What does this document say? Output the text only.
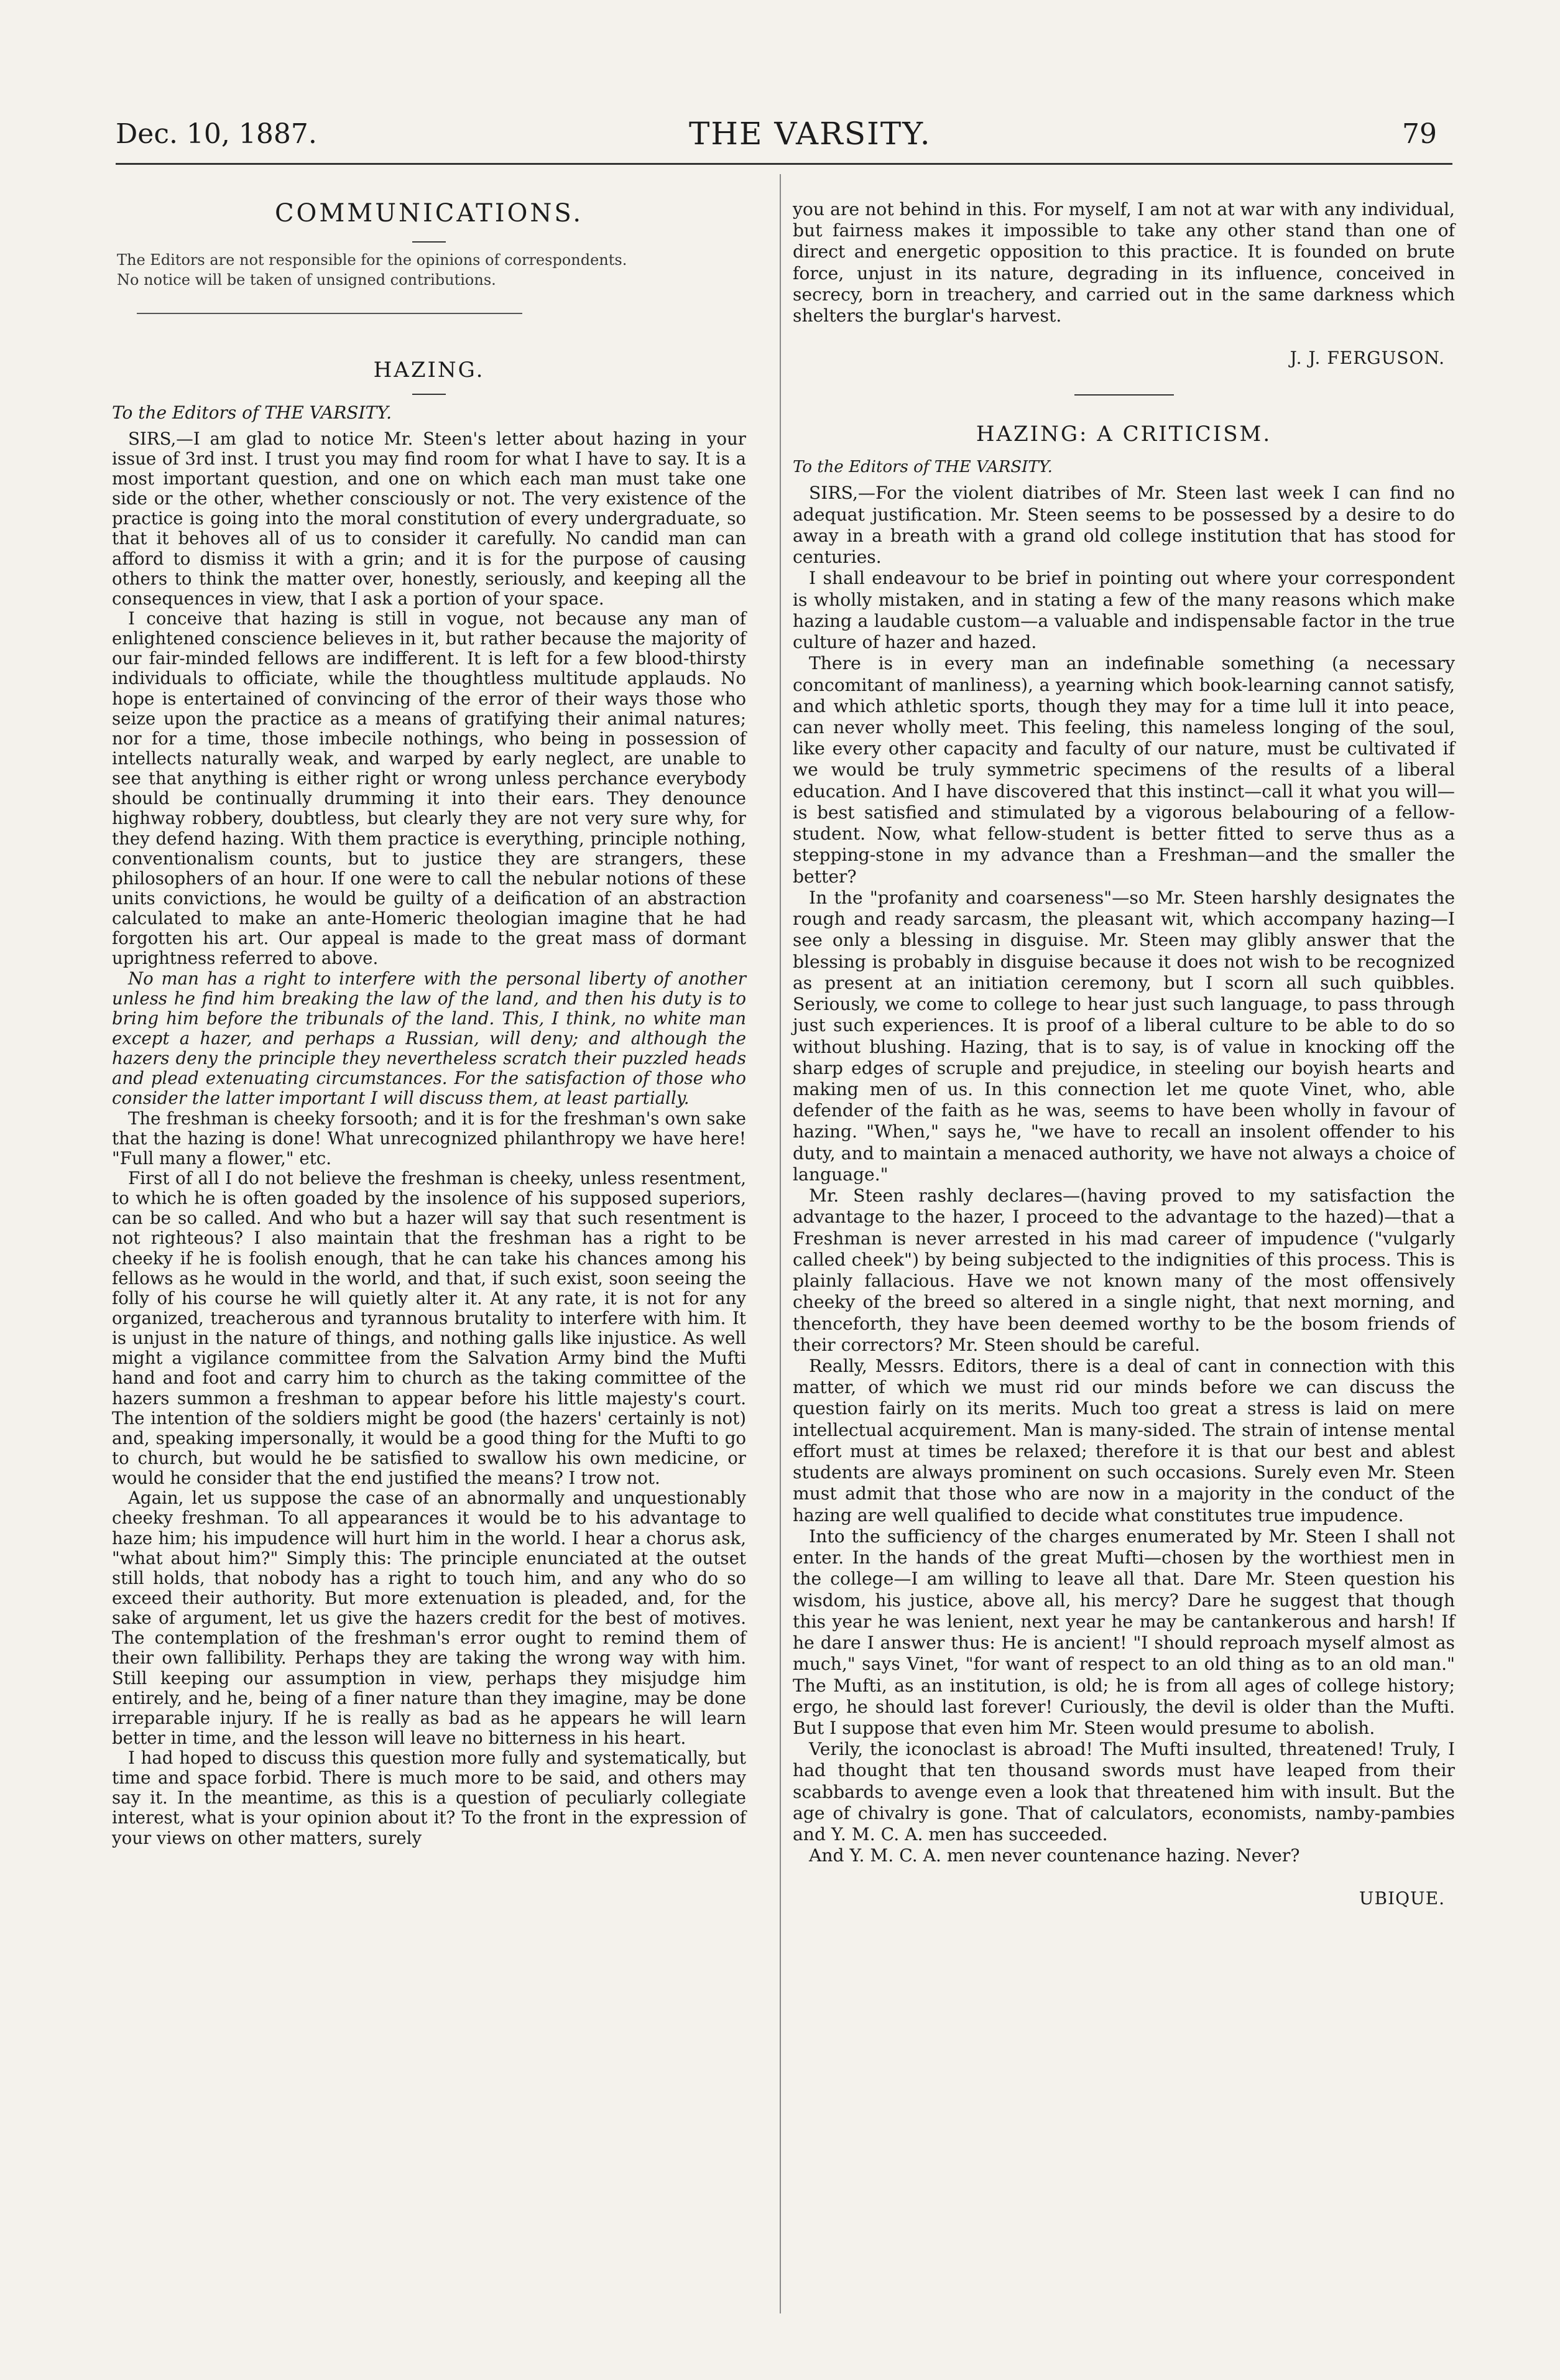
Dec. 10, 1887.	THE VARSITY.	79
COMMUNICATIONS.
The Editors are not responsible for the opinions of correspondents.
No notice will be taken of unsigned contributions.
HAZING.
To the Editors of THE VARSITY.

SIRS,—I am glad to notice Mr. Steen's letter about hazing in your issue of 3rd inst. I trust you may find room for what I have to say. It is a most important question, and one on which each man must take one side or the other, whether consciously or not. The very existence of the practice is going into the moral constitution of every undergraduate, so that it behoves all of us to consider it carefully. No candid man can afford to dismiss it with a grin; and it is for the purpose of causing others to think the matter over, honestly, seriously, and keeping all the consequences in view, that I ask a portion of your space.

I conceive that hazing is still in vogue, not because any man of enlightened conscience believes in it, but rather because the majority of our fair-minded fellows are indifferent. It is left for a few blood-thirsty individuals to officiate, while the thoughtless multitude applauds. No hope is entertained of convincing of the error of their ways those who seize upon the practice as a means of gratifying their animal natures; nor for a time, those imbecile nothings, who being in possession of intellects naturally weak, and warped by early neglect, are unable to see that anything is either right or wrong unless perchance everybody should be continually drumming it into their ears. They denounce highway robbery, doubtless, but clearly they are not very sure why, for they defend hazing. With them practice is everything, principle nothing, conventionalism counts, but to justice they are strangers, these philosophers of an hour. If one were to call the nebular notions of these units convictions, he would be guilty of a deification of an abstraction calculated to make an ante-Homeric theologian imagine that he had forgotten his art. Our appeal is made to the great mass of dormant uprightness referred to above.

No man has a right to interfere with the personal liberty of another unless he find him breaking the law of the land, and then his duty is to bring him before the tribunals of the land. This, I think, no white man except a hazer, and perhaps a Russian, will deny; and although the hazers deny the principle they nevertheless scratch their puzzled heads and plead extenuating circumstances. For the satisfaction of those who consider the latter important I will discuss them, at least partially.

The freshman is cheeky forsooth; and it is for the freshman's own sake that the hazing is done! What unrecognized philanthropy we have here! "Full many a flower," etc.

First of all I do not believe the freshman is cheeky, unless resentment, to which he is often goaded by the insolence of his supposed superiors, can be so called. And who but a hazer will say that such resentment is not righteous? I also maintain that the freshman has a right to be cheeky if he is foolish enough, that he can take his chances among his fellows as he would in the world, and that, if such exist, soon seeing the folly of his course he will quietly alter it. At any rate, it is not for any organized, treacherous and tyrannous brutality to interfere with him. It is unjust in the nature of things, and nothing galls like injustice. As well might a vigilance committee from the Salvation Army bind the Mufti hand and foot and carry him to church as the taking committee of the hazers summon a freshman to appear before his little majesty's court. The intention of the soldiers might be good (the hazers' certainly is not) and, speaking impersonally, it would be a good thing for the Mufti to go to church, but would he be satisfied to swallow his own medicine, or would he consider that the end justified the means? I trow not.

Again, let us suppose the case of an abnormally and unquestionably cheeky freshman. To all appearances it would be to his advantage to haze him; his impudence will hurt him in the world. I hear a chorus ask, "what about him?" Simply this: The principle enunciated at the outset still holds, that nobody has a right to touch him, and any who do so exceed their authority. But more extenuation is pleaded, and, for the sake of argument, let us give the hazers credit for the best of motives. The contemplation of the freshman's error ought to remind them of their own fallibility. Perhaps they are taking the wrong way with him. Still keeping our assumption in view, perhaps they misjudge him entirely, and he, being of a finer nature than they imagine, may be done irreparable injury. If he is really as bad as he appears he will learn better in time, and the lesson will leave no bitterness in his heart.

I had hoped to discuss this question more fully and systematically, but time and space forbid. There is much more to be said, and others may say it. In the meantime, as this is a question of peculiarly collegiate interest, what is your opinion about it? To the front in the expression of your views on other matters, surely

you are not behind in this. For myself, I am not at war with any individual, but fairness makes it impossible to take any other stand than one of direct and energetic opposition to this practice. It is founded on brute force, unjust in its nature, degrading in its influence, conceived in secrecy, born in treachery, and carried out in the same darkness which shelters the burglar's harvest.

J. J. FERGUSON.
HAZING: A CRITICISM.
To the Editors of THE VARSITY.

SIRS,—For the violent diatribes of Mr. Steen last week I can find no adequat justification. Mr. Steen seems to be possessed by a desire to do away in a breath with a grand old college institution that has stood for centuries.

I shall endeavour to be brief in pointing out where your correspondent is wholly mistaken, and in stating a few of the many reasons which make hazing a laudable custom—a valuable and indispensable factor in the true culture of hazer and hazed.

There is in every man an indefinable something (a necessary concomitant of manliness), a yearning which book-learning cannot satisfy, and which athletic sports, though they may for a time lull it into peace, can never wholly meet. This feeling, this nameless longing of the soul, like every other capacity and faculty of our nature, must be cultivated if we would be truly symmetric specimens of the results of a liberal education. And I have discovered that this instinct—call it what you will—is best satisfied and stimulated by a vigorous belabouring of a fellow-student. Now, what fellow-student is better fitted to serve thus as a stepping-stone in my advance than a Freshman—and the smaller the better?

In the "profanity and coarseness"—so Mr. Steen harshly designates the rough and ready sarcasm, the pleasant wit, which accompany hazing—I see only a blessing in disguise. Mr. Steen may glibly answer that the blessing is probably in disguise because it does not wish to be recognized as present at an initiation ceremony, but I scorn all such quibbles. Seriously, we come to college to hear just such language, to pass through just such experiences. It is proof of a liberal culture to be able to do so without blushing. Hazing, that is to say, is of value in knocking off the sharp edges of scruple and prejudice, in steeling our boyish hearts and making men of us. In this connection let me quote Vinet, who, able defender of the faith as he was, seems to have been wholly in favour of hazing. "When," says he, "we have to recall an insolent offender to his duty, and to maintain a menaced authority, we have not always a choice of language."

Mr. Steen rashly declares—(having proved to my satisfaction the advantage to the hazer, I proceed to the advantage to the hazed)—that a Freshman is never arrested in his mad career of impudence ("vulgarly called cheek") by being subjected to the indignities of this process. This is plainly fallacious. Have we not known many of the most offensively cheeky of the breed so altered in a single night, that next morning, and thenceforth, they have been deemed worthy to be the bosom friends of their correctors? Mr. Steen should be careful.

Really, Messrs. Editors, there is a deal of cant in connection with this matter, of which we must rid our minds before we can discuss the question fairly on its merits. Much too great a stress is laid on mere intellectual acquirement. Man is many-sided. The strain of intense mental effort must at times be relaxed; therefore it is that our best and ablest students are always prominent on such occasions. Surely even Mr. Steen must admit that those who are now in a majority in the conduct of the hazing are well qualified to decide what constitutes true impudence.

Into the sufficiency of the charges enumerated by Mr. Steen I shall not enter. In the hands of the great Mufti—chosen by the worthiest men in the college—I am willing to leave all that. Dare Mr. Steen question his wisdom, his justice, above all, his mercy? Dare he suggest that though this year he was lenient, next year he may be cantankerous and harsh! If he dare I answer thus: He is ancient! "I should reproach myself almost as much," says Vinet, "for want of respect to an old thing as to an old man." The Mufti, as an institution, is old; he is from all ages of college history; ergo, he should last forever! Curiously, the devil is older than the Mufti. But I suppose that even him Mr. Steen would presume to abolish.

Verily, the iconoclast is abroad! The Mufti insulted, threatened! Truly, I had thought that ten thousand swords must have leaped from their scabbards to avenge even a look that threatened him with insult. But the age of chivalry is gone. That of calculators, economists, namby-pambies and Y. M. C. A. men has succeeded.

And Y. M. C. A. men never countenance hazing. Never?

UBIQUE.
